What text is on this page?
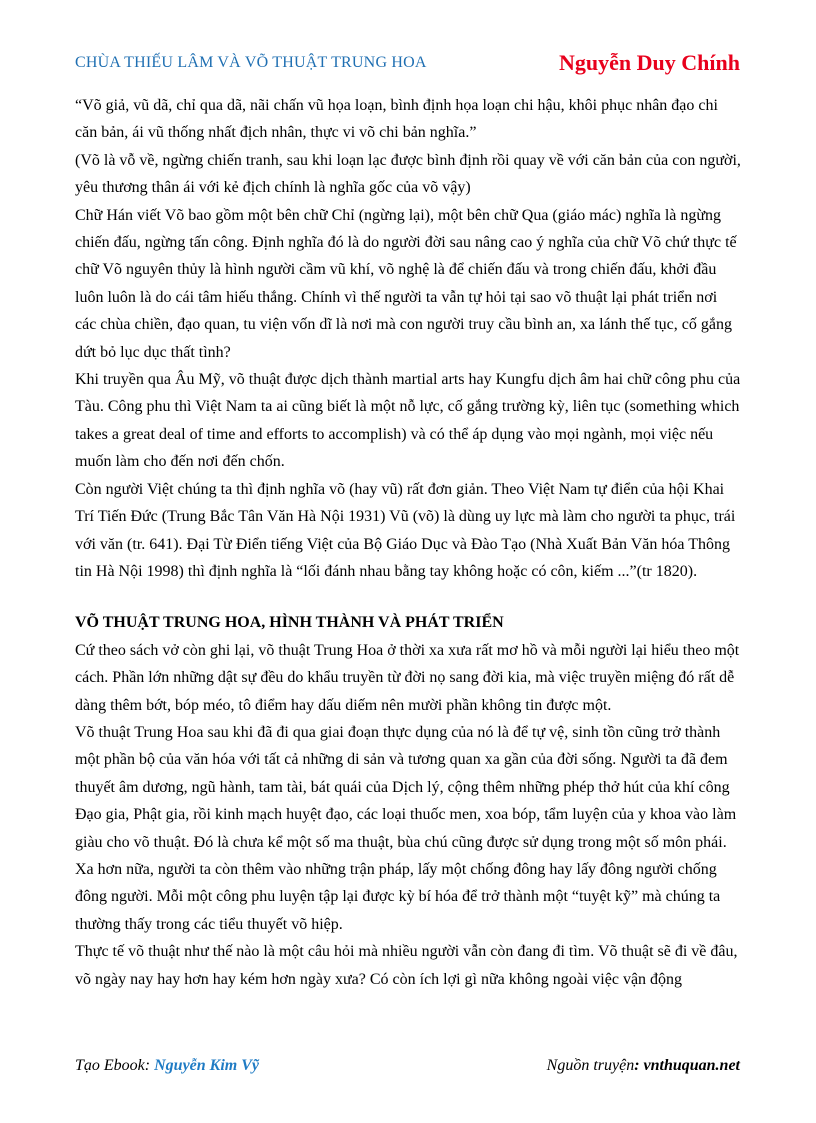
CHÙA THIẾU LÂM VÀ VÕ THUẬT TRUNG HOA	Nguyễn Duy Chính

“Võ giả, vũ dã, chỉ qua dã, nãi chấn vũ họa loạn, bình định họa loạn chi hậu, khôi phục nhân đạo chi căn bản, ái vũ thống nhất địch nhân, thực vi võ chi bản nghĩa.”

(Võ là vỗ về, ngừng chiến tranh, sau khi loạn lạc được bình định rồi quay về với căn bản của con người, yêu thương thân ái với kẻ địch chính là nghĩa gốc của võ vậy)

Chữ Hán viết Võ bao gồm một bên chữ Chỉ (ngừng lại), một bên chữ Qua (giáo mác) nghĩa là ngừng chiến đấu, ngừng tấn công. Định nghĩa đó là do người đời sau nâng cao ý nghĩa của chữ Võ chứ thực tế chữ Võ nguyên thủy là hình người cầm vũ khí, võ nghệ là để chiến đấu và trong chiến đấu, khởi đầu luôn luôn là do cái tâm hiếu thắng. Chính vì thế người ta vẫn tự hỏi tại sao võ thuật lại phát triển nơi các chùa chiền, đạo quan, tu viện vốn dĩ là nơi mà con người truy cầu bình an, xa lánh thế tục, cố gắng dứt bỏ lục dục thất tình?

Khi truyền qua Âu Mỹ, võ thuật được dịch thành martial arts hay Kungfu dịch âm hai chữ công phu của Tàu. Công phu thì Việt Nam ta ai cũng biết là một nỗ lực, cố gắng trường kỳ, liên tục (something which takes a great deal of time and efforts to accomplish) và có thể áp dụng vào mọi ngành, mọi việc nếu muốn làm cho đến nơi đến chốn.

Còn người Việt chúng ta thì định nghĩa võ (hay vũ) rất đơn giản. Theo Việt Nam tự điển của hội Khai Trí Tiến Đức (Trung Bắc Tân Văn Hà Nội 1931) Vũ (võ) là dùng uy lực mà làm cho người ta phục, trái với văn (tr. 641). Đại Từ Điển tiếng Việt của Bộ Giáo Dục và Đào Tạo (Nhà Xuất Bản Văn hóa Thông tin Hà Nội 1998) thì định nghĩa là “lối đánh nhau bằng tay không hoặc có côn, kiếm ...”(tr 1820).

VÕ THUẬT TRUNG HOA, HÌNH THÀNH VÀ PHÁT TRIỂN

Cứ theo sách vở còn ghi lại, võ thuật Trung Hoa ở thời xa xưa rất mơ hồ và mỗi người lại hiểu theo một cách. Phần lớn những dật sự đều do khẩu truyền từ đời nọ sang đời kia, mà việc truyền miệng đó rất dễ dàng thêm bớt, bóp méo, tô điểm hay dấu diếm nên mười phần không tin được một.

Võ thuật Trung Hoa sau khi đã đi qua giai đoạn thực dụng của nó là để tự vệ, sinh tồn cũng trở thành một phần bộ của văn hóa với tất cả những di sản và tương quan xa gần của đời sống. Người ta đã đem thuyết âm dương, ngũ hành, tam tài, bát quái của Dịch lý, cộng thêm những phép thở hút của khí công Đạo gia, Phật gia, rồi kinh mạch huyệt đạo, các loại thuốc men, xoa bóp, tẩm luyện của y khoa vào làm giàu cho võ thuật. Đó là chưa kể một số ma thuật, bùa chú cũng được sử dụng trong một số môn phái. Xa hơn nữa, người ta còn thêm vào những trận pháp, lấy một chống đông hay lấy đông người chống đông người. Mỗi một công phu luyện tập lại được kỳ bí hóa để trở thành một “tuyệt kỹ” mà chúng ta thường thấy trong các tiểu thuyết võ hiệp.

Thực tế võ thuật như thế nào là một câu hỏi mà nhiều người vẫn còn đang đi tìm. Võ thuật sẽ đi về đâu, võ ngày nay hay hơn hay kém hơn ngày xưa? Có còn ích lợi gì nữa không ngoài việc vận động

Tạo Ebook: Nguyễn Kim Vỹ	Nguồn truyện: vnthuquan.net
